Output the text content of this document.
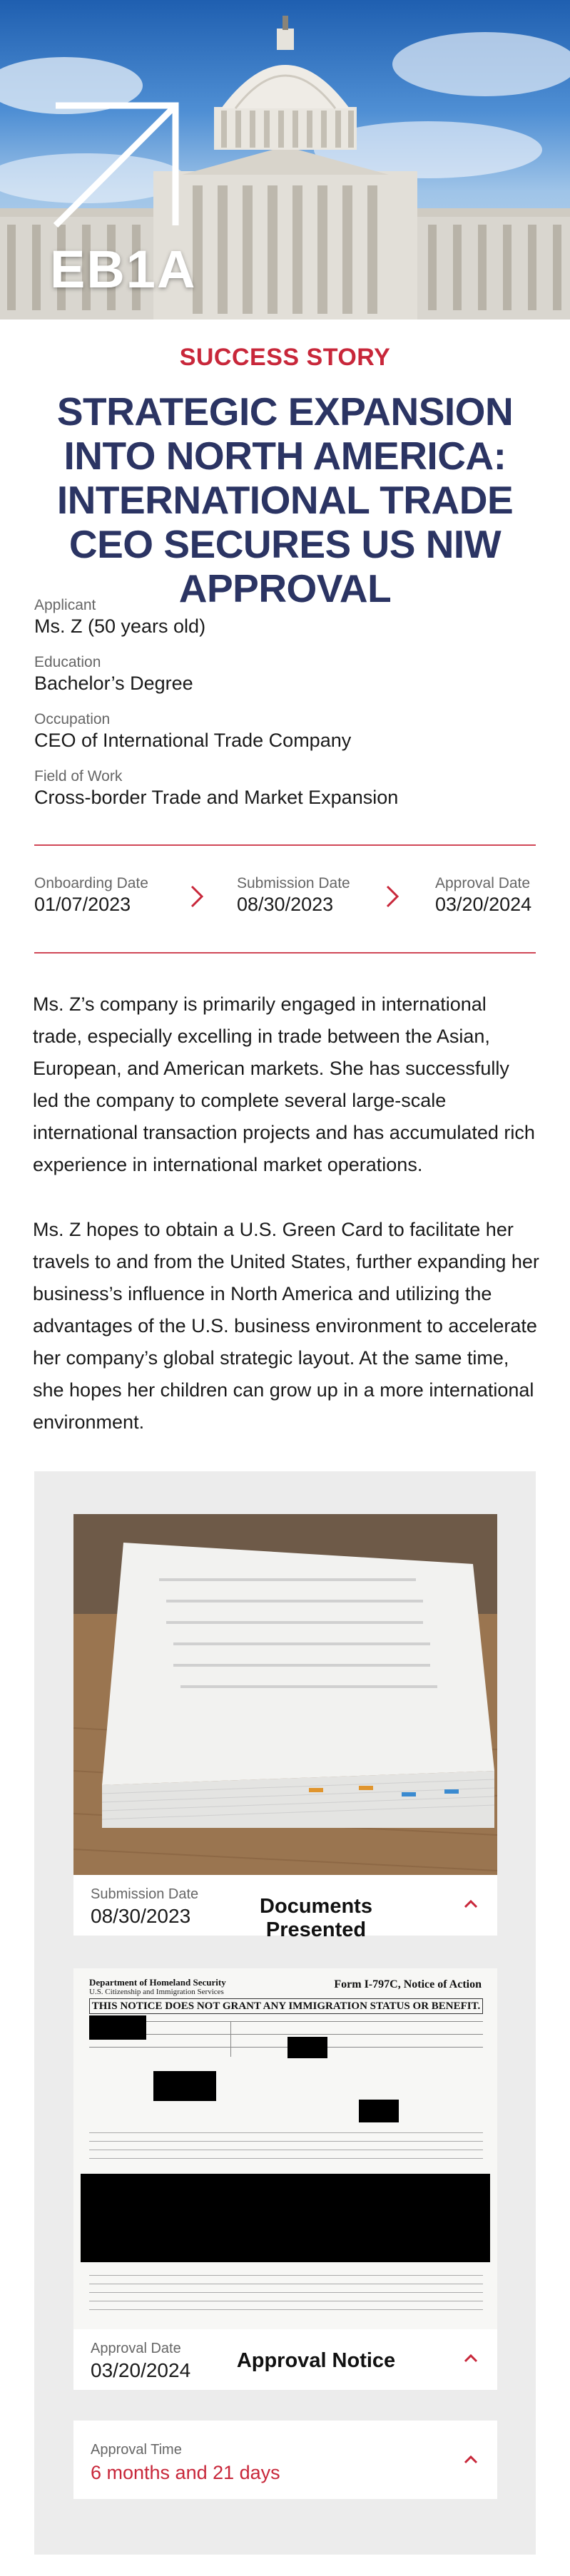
EB1A
SUCCESS STORY
STRATEGIC EXPANSION INTO NORTH AMERICA: INTERNATIONAL TRADE CEO SECURES US NIW APPROVAL
Applicant
Ms. Z (50 years old)
Education
Bachelor’s Degree
Occupation
CEO of International Trade Company
Field of Work
Cross-border Trade and Market Expansion
Onboarding Date
01/07/2023
Submission Date
08/30/2023
Approval Date
03/20/2024

Ms. Z’s company is primarily engaged in international trade, especially excelling in trade between the Asian, European, and American markets. She has successfully led the company to complete several large-scale international transaction projects and has accumulated rich experience in international market operations.

Ms. Z hopes to obtain a U.S. Green Card to facilitate her travels to and from the United States, further expanding her business’s influence in North America and utilizing the advantages of the U.S. business environment to accelerate her company’s global strategic layout. At the same time, she hopes her children can grow up in a more international environment.

Submission Date
08/30/2023	Documents Presented
Department of Homeland Security
U.S. Citizenship and Immigration Services
Form I-797C, Notice of Action
THIS NOTICE DOES NOT GRANT ANY IMMIGRATION STATUS OR BENEFIT.
Approval Date
03/20/2024	Approval Notice
Approval Time
6 months and 21 days
